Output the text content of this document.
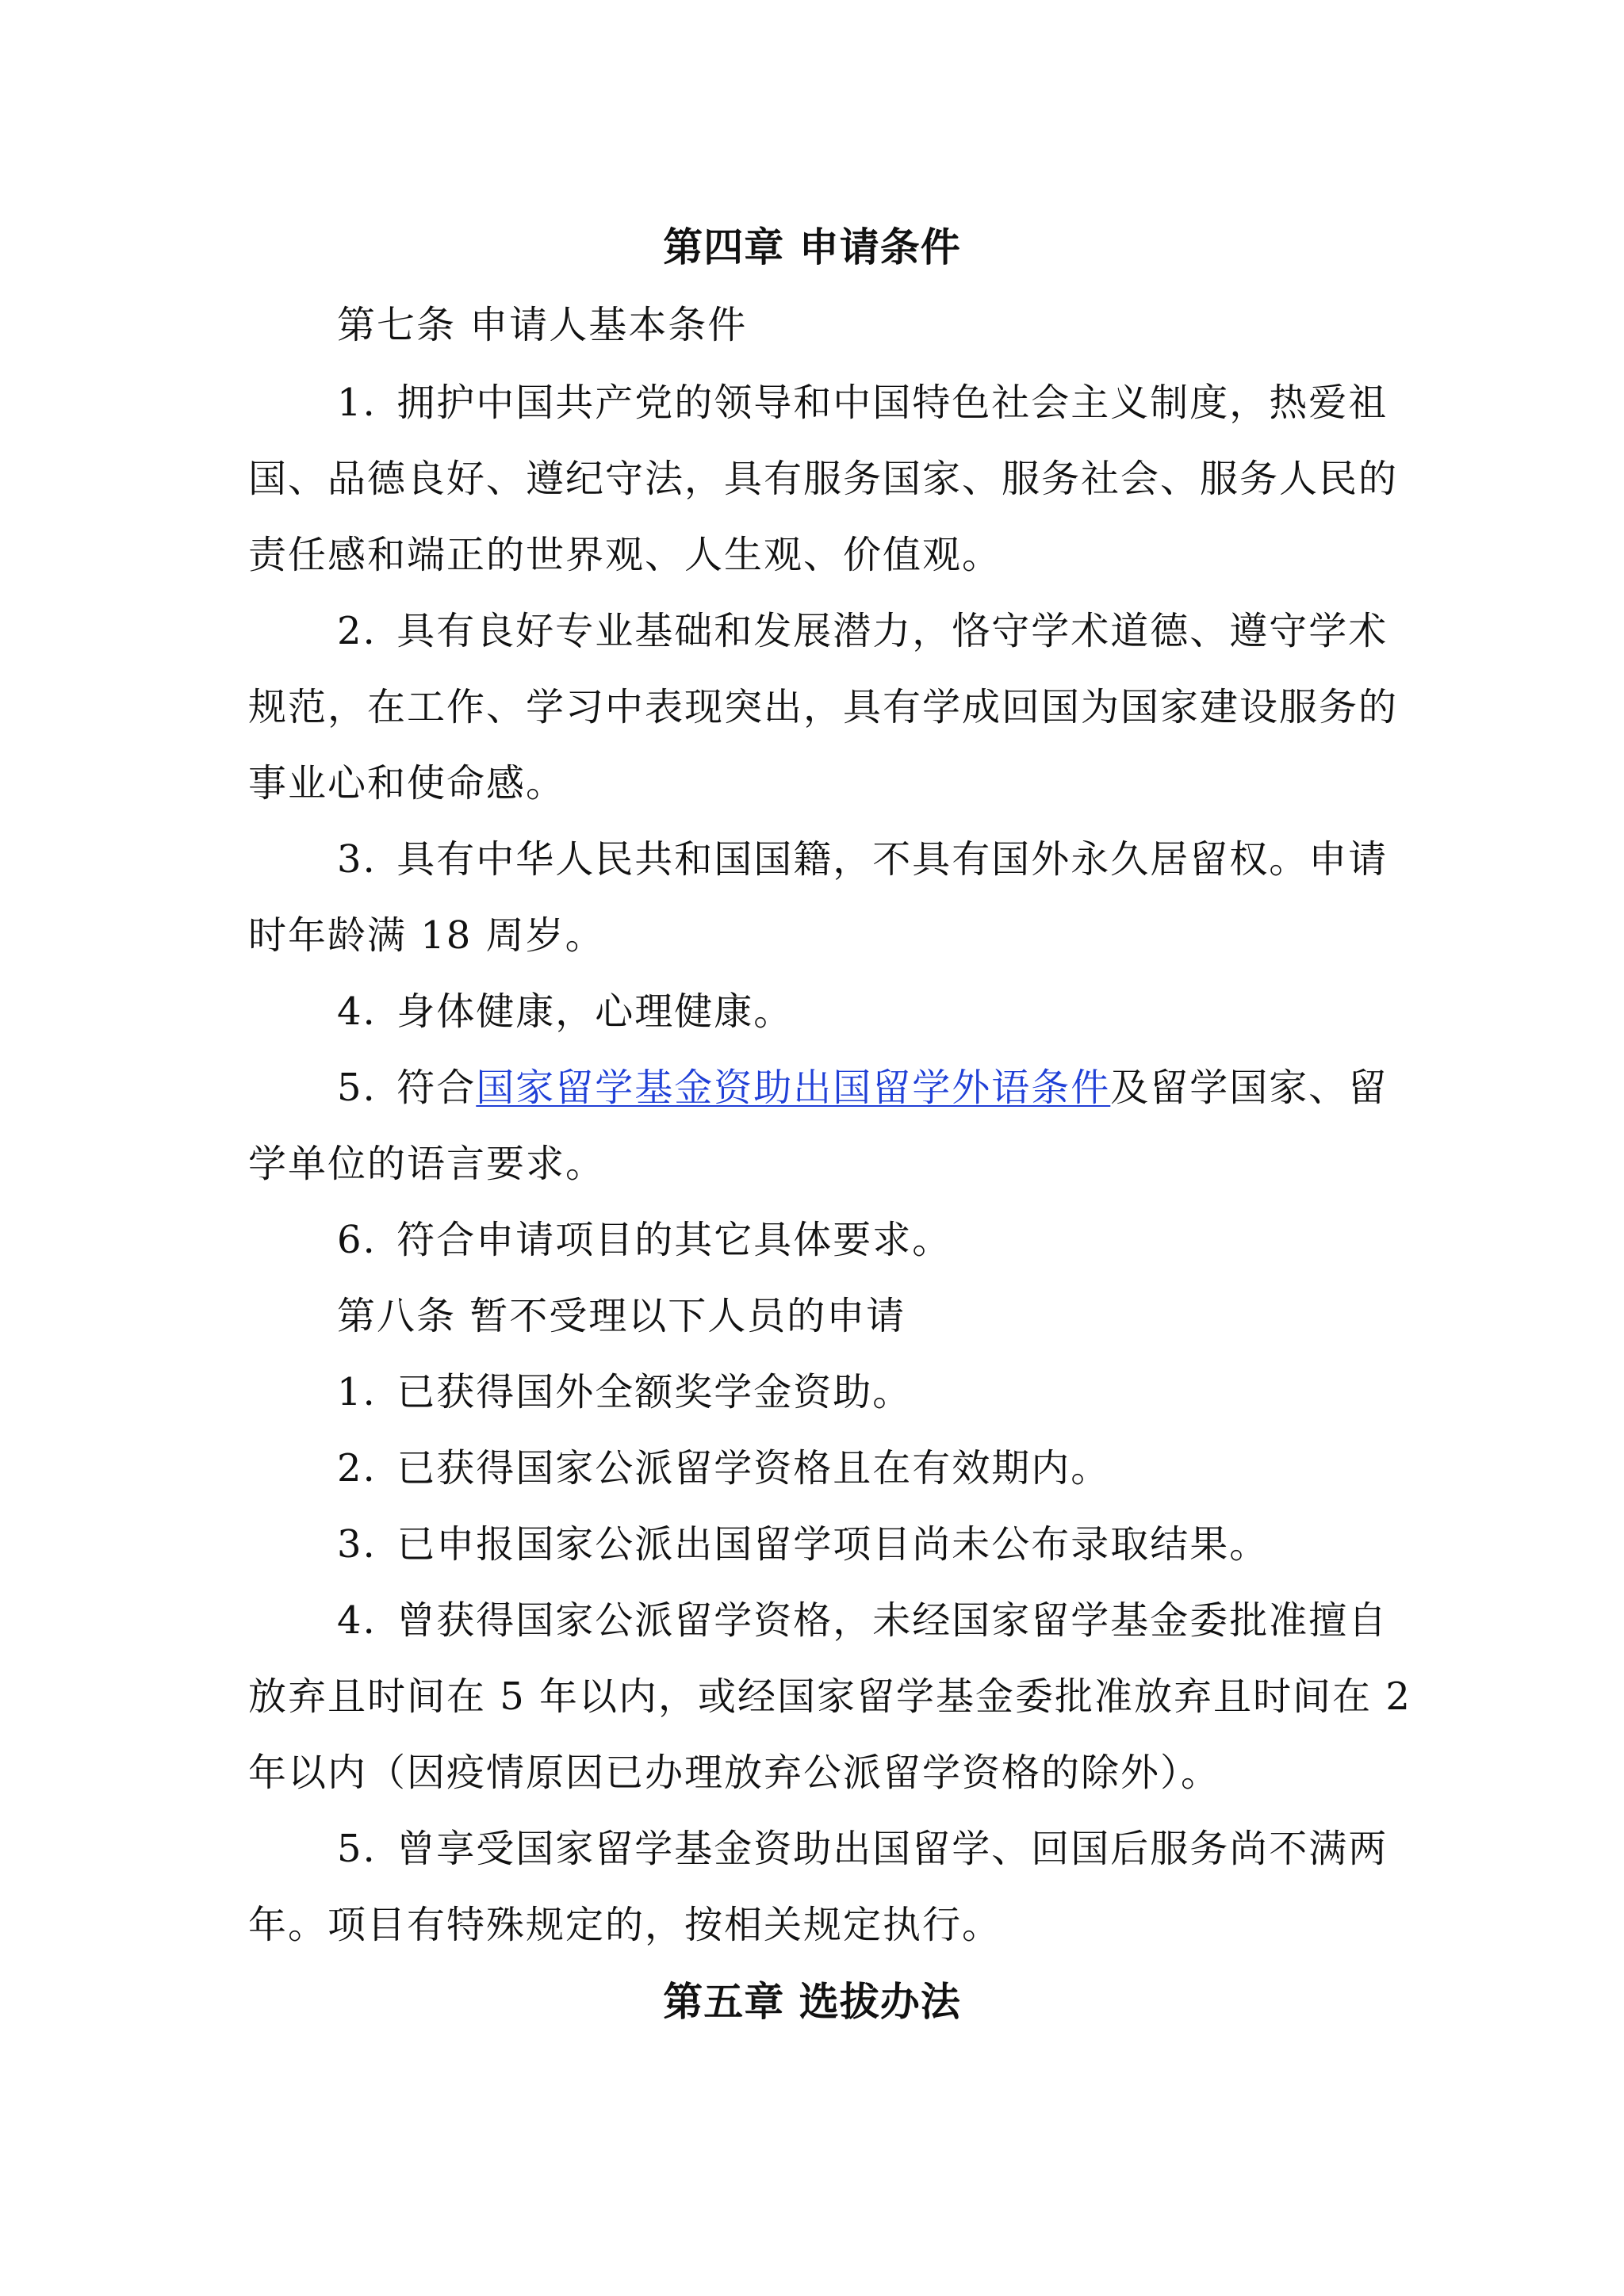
第四章 申请条件
第七条 申请人基本条件
1. 拥护中国共产党的领导和中国特色社会主义制度，热爱祖
国、品德良好、遵纪守法，具有服务国家、服务社会、服务人民的
责任感和端正的世界观、人生观、价值观。
2. 具有良好专业基础和发展潜力，恪守学术道德、遵守学术
规范，在工作、学习中表现突出，具有学成回国为国家建设服务的
事业心和使命感。
3. 具有中华人民共和国国籍，不具有国外永久居留权。申请
时年龄满 18 周岁。
4. 身体健康，心理健康。
5. 符合国家留学基金资助出国留学外语条件及留学国家、留
学单位的语言要求。
6. 符合申请项目的其它具体要求。
第八条 暂不受理以下人员的申请
1. 已获得国外全额奖学金资助。
2. 已获得国家公派留学资格且在有效期内。
3. 已申报国家公派出国留学项目尚未公布录取结果。
4. 曾获得国家公派留学资格，未经国家留学基金委批准擅自
放弃且时间在 5 年以内，或经国家留学基金委批准放弃且时间在 2
年以内（因疫情原因已办理放弃公派留学资格的除外）。
5. 曾享受国家留学基金资助出国留学、回国后服务尚不满两
年。项目有特殊规定的，按相关规定执行。
第五章 选拔办法
